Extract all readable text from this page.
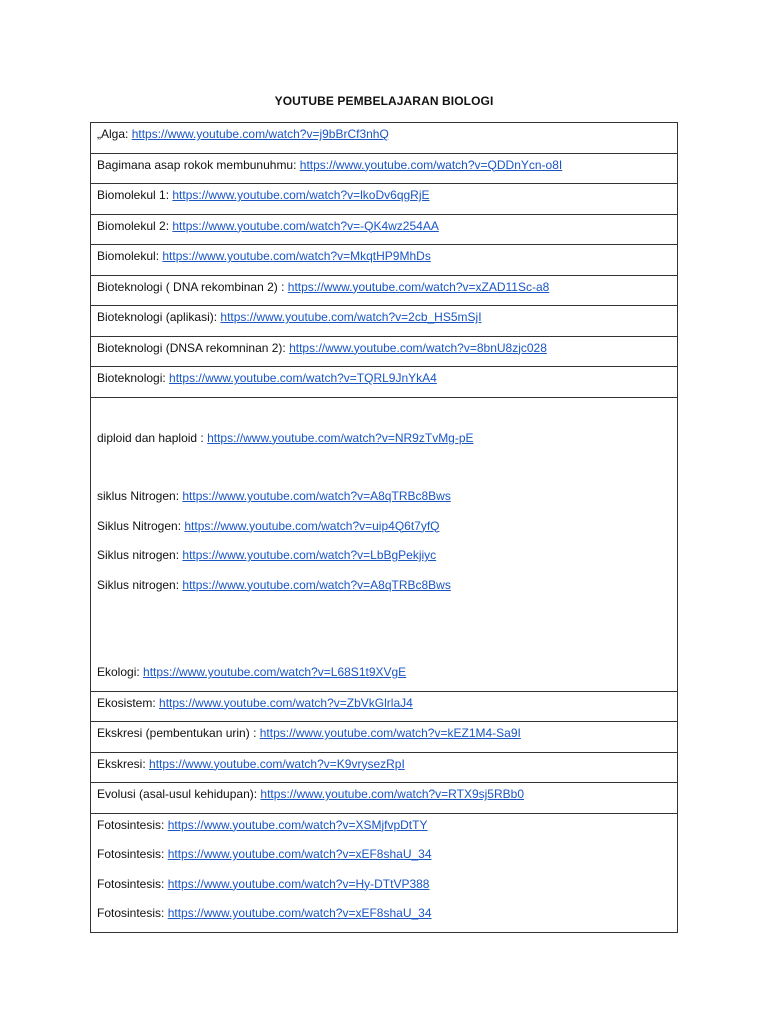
YOUTUBE PEMBELAJARAN BIOLOGI
„Alga: https://www.youtube.com/watch?v=j9bBrCf3nhQ
Bagimana asap rokok membunuhmu: https://www.youtube.com/watch?v=QDDnYcn-o8I
Biomolekul 1: https://www.youtube.com/watch?v=lkoDv6qgRjE
Biomolekul 2: https://www.youtube.com/watch?v=-QK4wz254AA
Biomolekul: https://www.youtube.com/watch?v=MkqtHP9MhDs
Bioteknologi ( DNA rekombinan 2) : https://www.youtube.com/watch?v=xZAD11Sc-a8
Bioteknologi (aplikasi): https://www.youtube.com/watch?v=2cb_HS5mSjI
Bioteknologi (DNSA rekomninan 2): https://www.youtube.com/watch?v=8bnU8zjc028
Bioteknologi: https://www.youtube.com/watch?v=TQRL9JnYkA4
diploid dan haploid : https://www.youtube.com/watch?v=NR9zTvMg-pE
siklus Nitrogen: https://www.youtube.com/watch?v=A8qTRBc8Bws
Siklus Nitrogen: https://www.youtube.com/watch?v=uip4Q6t7yfQ
Siklus nitrogen: https://www.youtube.com/watch?v=LbBgPekjiyc
Siklus nitrogen: https://www.youtube.com/watch?v=A8qTRBc8Bws
Ekologi: https://www.youtube.com/watch?v=L68S1t9XVgE
Ekosistem: https://www.youtube.com/watch?v=ZbVkGlrlaJ4
Ekskresi (pembentukan urin) : https://www.youtube.com/watch?v=kEZ1M4-Sa9I
Ekskresi: https://www.youtube.com/watch?v=K9vrysezRpI
Evolusi (asal-usul kehidupan): https://www.youtube.com/watch?v=RTX9sj5RBb0
Fotosintesis: https://www.youtube.com/watch?v=XSMjfvpDtTY
Fotosintesis: https://www.youtube.com/watch?v=xEF8shaU_34
Fotosintesis: https://www.youtube.com/watch?v=Hy-DTtVP388
Fotosintesis: https://www.youtube.com/watch?v=xEF8shaU_34
